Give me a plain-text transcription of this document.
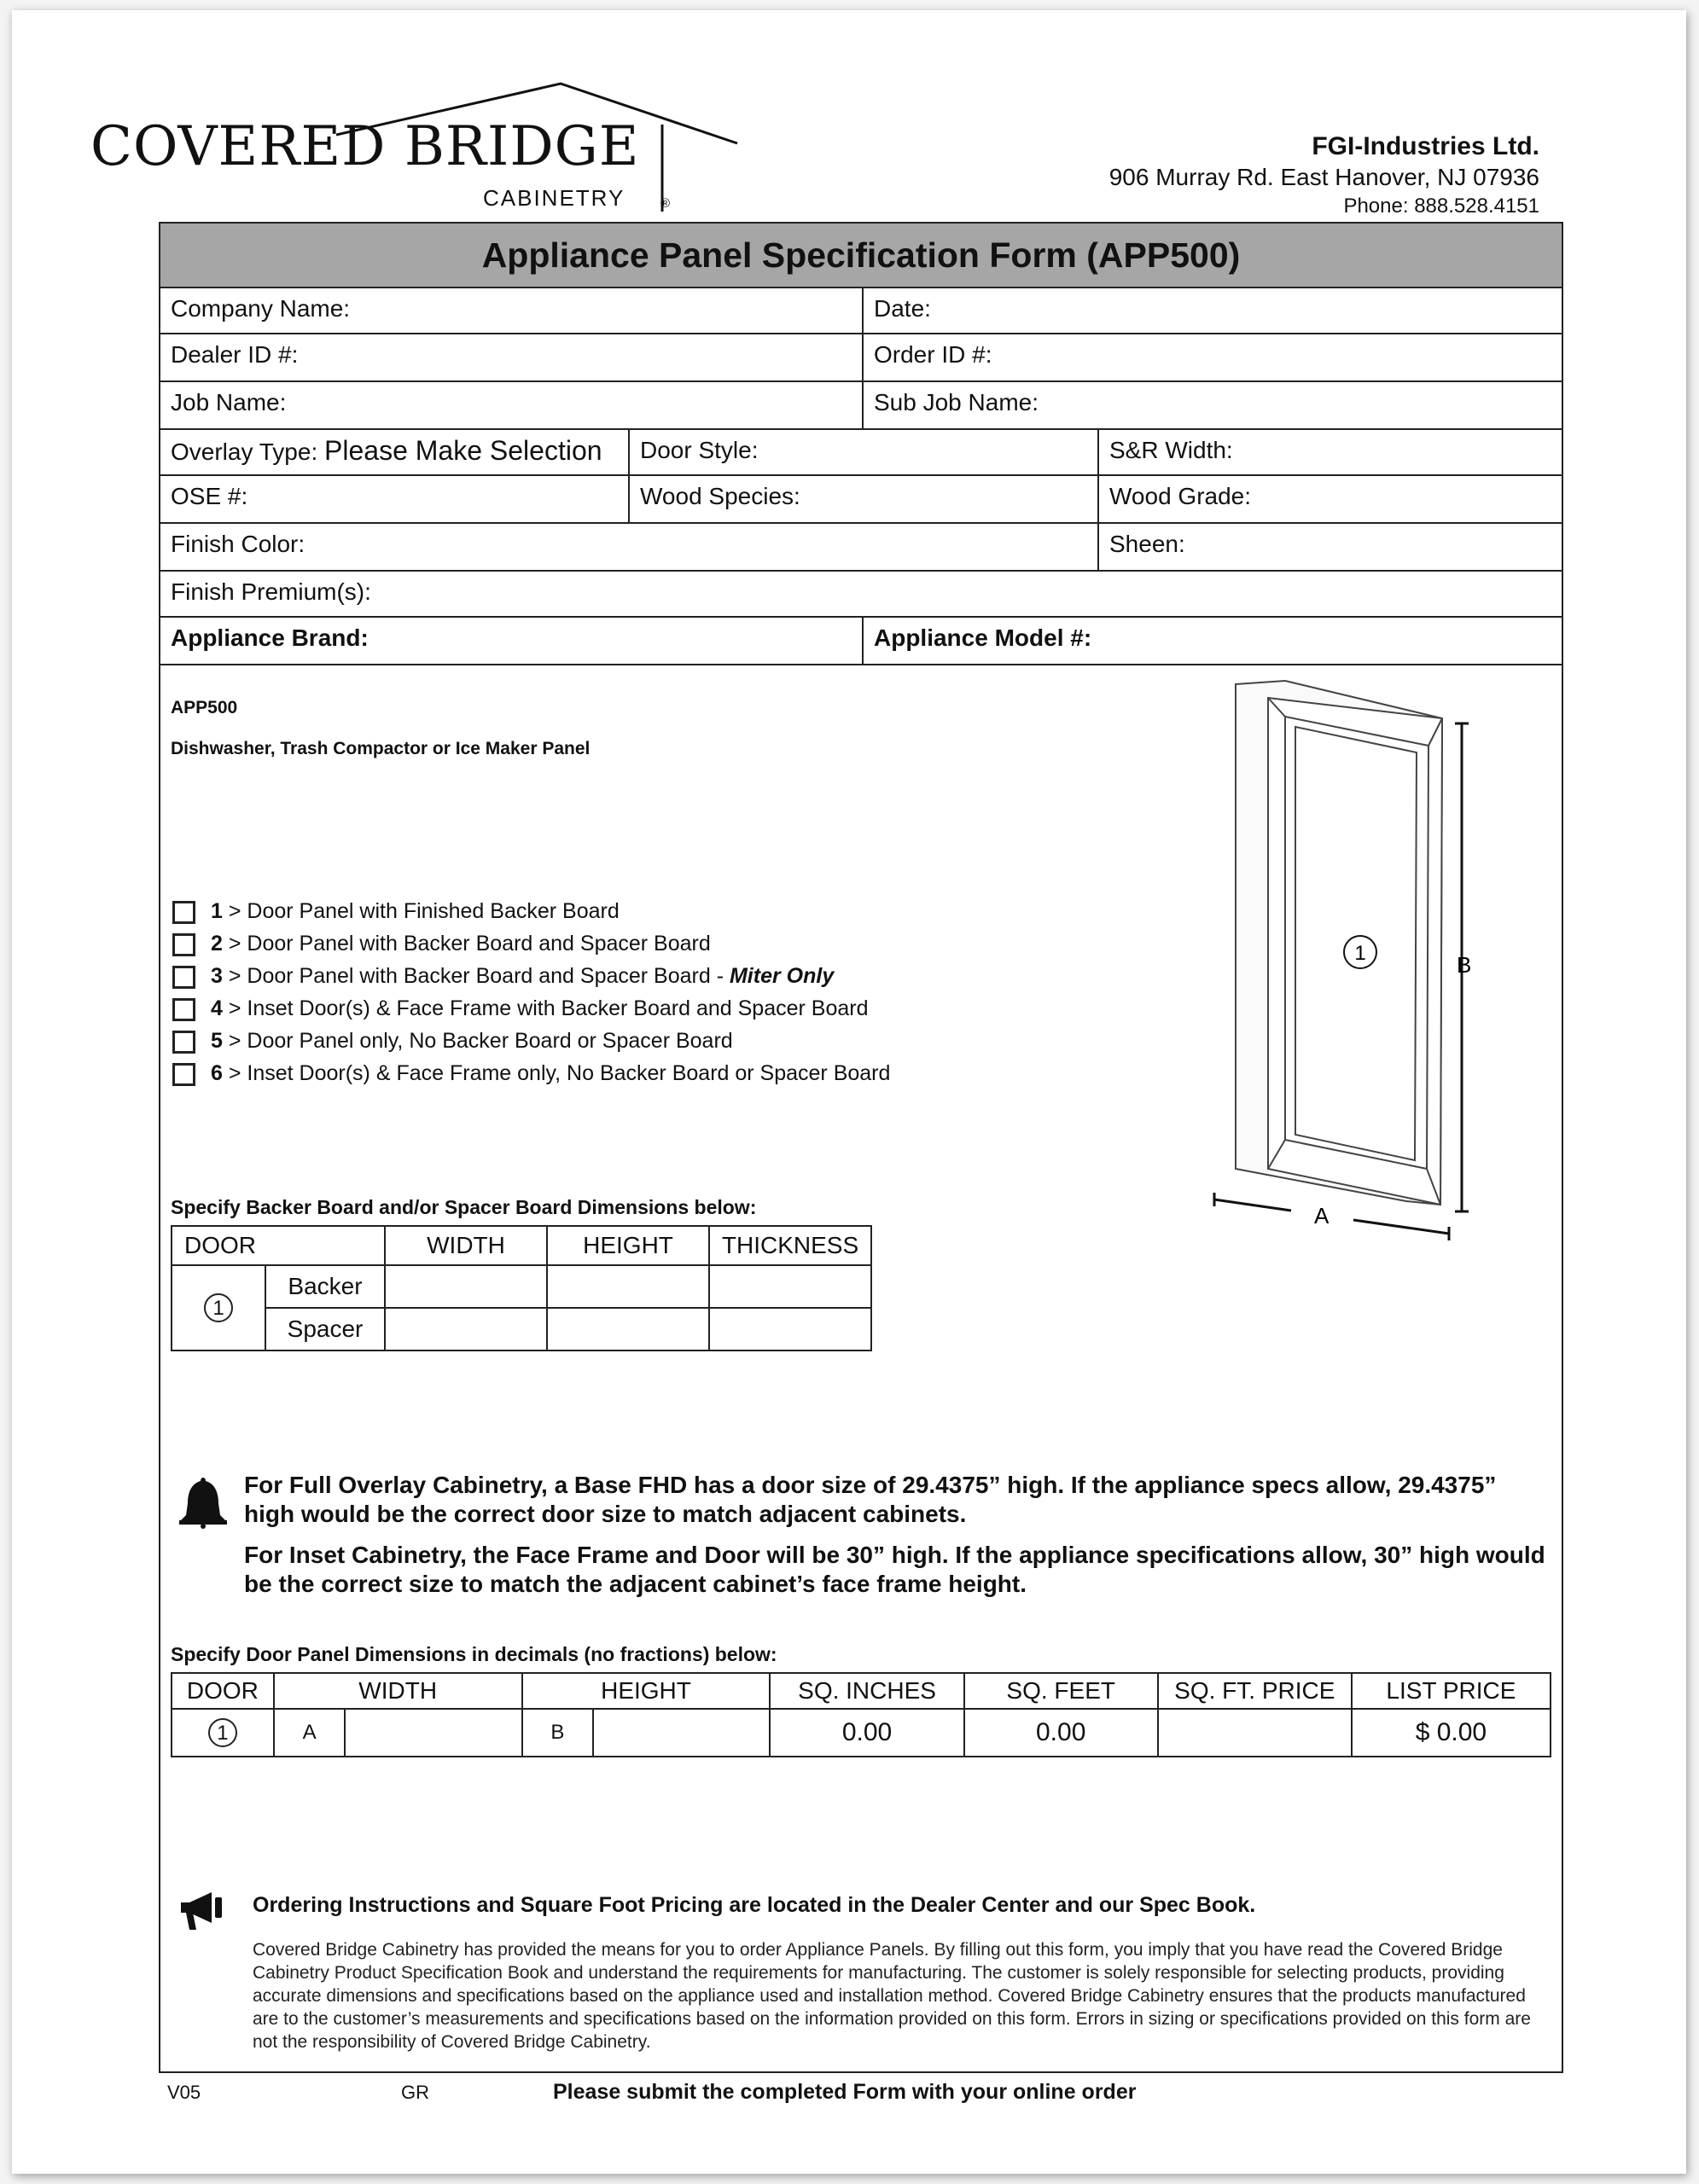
COVERED BRIDGE
CABINETRY	®
FGI-Industries Ltd.
906 Murray Rd. East Hanover, NJ 07936
Phone: 888.528.4151
Appliance Panel Specification Form (APP500)
Company Name:	Date:
Dealer ID #:	Order ID #:
Job Name:	Sub Job Name:
Overlay Type: Please Make Selection	Door Style:	S&R Width:
OSE #:	Wood Species:	Wood Grade:
Finish Color:	Sheen:
Finish Premium(s):
Appliance Brand:	Appliance Model #:
APP500
Dishwasher, Trash Compactor or Ice Maker Panel
1 > Door Panel with Finished Backer Board
2 > Door Panel with Backer Board and Spacer Board
3 > Door Panel with Backer Board and Spacer Board - Miter Only
4 > Inset Door(s) & Face Frame with Backer Board and Spacer Board
5 > Door Panel only, No Backer Board or Spacer Board
6 > Inset Door(s) & Face Frame only, No Backer Board or Spacer Board
1	B
A
Specify Backer Board and/or Spacer Board Dimensions below:
DOOR		WIDTH	HEIGHT	THICKNESS
1	Backer			
	Spacer			
For Full Overlay Cabinetry, a Base FHD has a door size of 29.4375” high. If the appliance specs allow, 29.4375” high would be the correct door size to match adjacent cabinets.
For Inset Cabinetry, the Face Frame and Door will be 30” high. If the appliance specifications allow, 30” high would be the correct size to match the adjacent cabinet’s face frame height.
Specify Door Panel Dimensions in decimals (no fractions) below:
DOOR	WIDTH		HEIGHT		SQ. INCHES	SQ. FEET	SQ. FT. PRICE	LIST PRICE
1	A		B		0.00	0.00		$ 0.00
Ordering Instructions and Square Foot Pricing are located in the Dealer Center and our Spec Book.
Covered Bridge Cabinetry has provided the means for you to order Appliance Panels. By filling out this form, you imply that you have read the Covered Bridge Cabinetry Product Specification Book and understand the requirements for manufacturing. The customer is solely responsible for selecting products, providing accurate dimensions and specifications based on the appliance used and installation method. Covered Bridge Cabinetry ensures that the products manufactured are to the customer’s measurements and specifications based on the information provided on this form. Errors in sizing or specifications provided on this form are not the responsibility of Covered Bridge Cabinetry.
V05	GR	Please submit the completed Form with your online order
